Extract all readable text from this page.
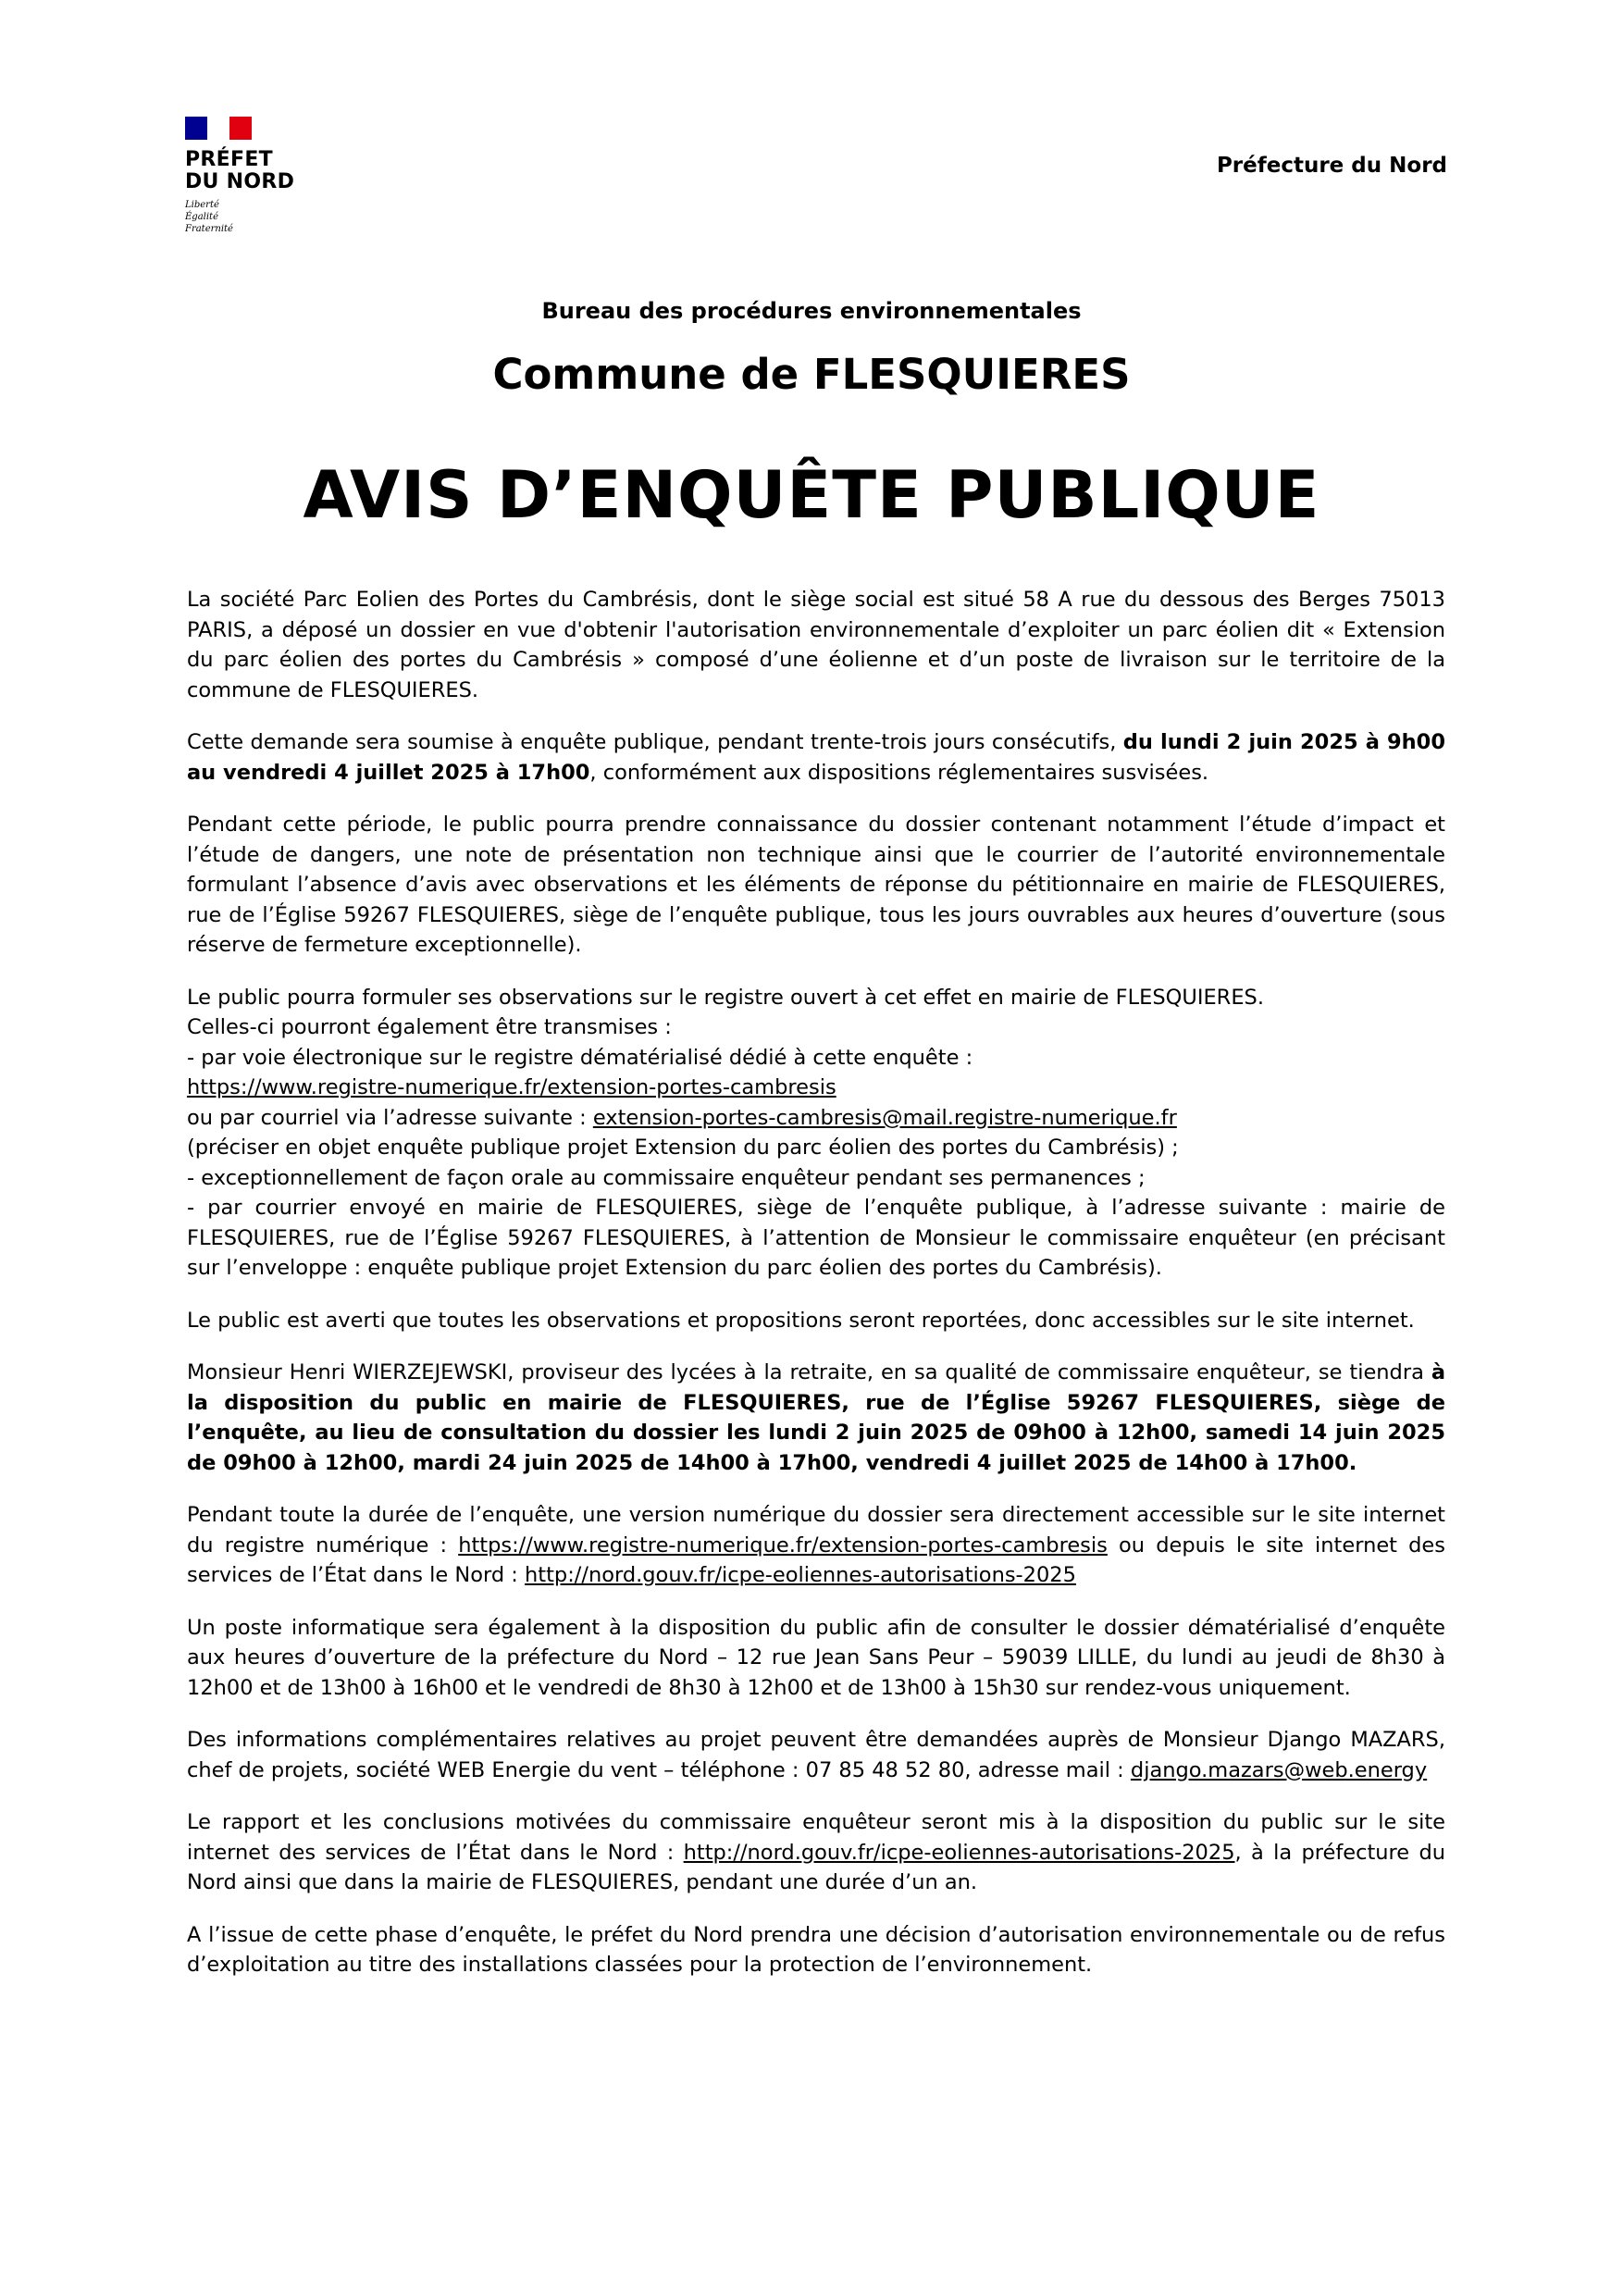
PRÉFET
DU NORD
Liberté
Égalité
Fraternité
Préfecture du Nord
Bureau des procédures environnementales
Commune de FLESQUIERES
AVIS D’ENQUÊTE PUBLIQUE

La société Parc Eolien des Portes du Cambrésis, dont le siège social est situé 58 A rue du dessous des Berges 75013 PARIS, a déposé un dossier en vue d'obtenir l'autorisation environnementale d’exploiter un parc éolien dit « Extension du parc éolien des portes du Cambrésis » composé d’une éolienne et d’un poste de livraison sur le territoire de la commune de FLESQUIERES.

Cette demande sera soumise à enquête publique, pendant trente-trois jours consécutifs, du lundi 2 juin 2025 à 9h00 au vendredi 4 juillet 2025 à 17h00, conformément aux dispositions réglementaires susvisées.

Pendant cette période, le public pourra prendre connaissance du dossier contenant notamment l’étude d’impact et l’étude de dangers, une note de présentation non technique ainsi que le courrier de l’autorité environnementale formulant l’absence d’avis avec observations et les éléments de réponse du pétitionnaire en mairie de FLESQUIERES, rue de l’Église 59267 FLESQUIERES, siège de l’enquête publique, tous les jours ouvrables aux heures d’ouverture (sous réserve de fermeture exceptionnelle).

Le public pourra formuler ses observations sur le registre ouvert à cet effet en mairie de FLESQUIERES.
Celles-ci pourront également être transmises :
- par voie électronique sur le registre dématérialisé dédié à cette enquête :
https://www.registre-numerique.fr/extension-portes-cambresis
ou par courriel via l’adresse suivante : extension-portes-cambresis@mail.registre-numerique.fr
(préciser en objet enquête publique projet Extension du parc éolien des portes du Cambrésis) ;
- exceptionnellement de façon orale au commissaire enquêteur pendant ses permanences ;
- par courrier envoyé en mairie de FLESQUIERES, siège de l’enquête publique, à l’adresse suivante : mairie de FLESQUIERES, rue de l’Église 59267 FLESQUIERES, à l’attention de Monsieur le commissaire enquêteur (en précisant sur l’enveloppe : enquête publique projet Extension du parc éolien des portes du Cambrésis).

Le public est averti que toutes les observations et propositions seront reportées, donc accessibles sur le site internet.

Monsieur Henri WIERZEJEWSKI, proviseur des lycées à la retraite, en sa qualité de commissaire enquêteur, se tiendra à la disposition du public en mairie de FLESQUIERES, rue de l’Église 59267 FLESQUIERES, siège de l’enquête, au lieu de consultation du dossier les lundi 2 juin 2025 de 09h00 à 12h00, samedi 14 juin 2025 de 09h00 à 12h00, mardi 24 juin 2025 de 14h00 à 17h00, vendredi 4 juillet 2025 de 14h00 à 17h00.

Pendant toute la durée de l’enquête, une version numérique du dossier sera directement accessible sur le site internet du registre numérique : https://www.registre-numerique.fr/extension-portes-cambresis ou depuis le site internet des services de l’État dans le Nord : http://nord.gouv.fr/icpe-eoliennes-autorisations-2025

Un poste informatique sera également à la disposition du public afin de consulter le dossier dématérialisé d’enquête aux heures d’ouverture de la préfecture du Nord – 12 rue Jean Sans Peur – 59039 LILLE, du lundi au jeudi de 8h30 à 12h00 et de 13h00 à 16h00 et le vendredi de 8h30 à 12h00 et de 13h00 à 15h30 sur rendez-vous uniquement.

Des informations complémentaires relatives au projet peuvent être demandées auprès de Monsieur Django MAZARS, chef de projets, société WEB Energie du vent – téléphone : 07 85 48 52 80, adresse mail : django.mazars@web.energy

Le rapport et les conclusions motivées du commissaire enquêteur seront mis à la disposition du public sur le site internet des services de l’État dans le Nord : http://nord.gouv.fr/icpe-eoliennes-autorisations-2025, à la préfecture du Nord ainsi que dans la mairie de FLESQUIERES, pendant une durée d’un an.

A l’issue de cette phase d’enquête, le préfet du Nord prendra une décision d’autorisation environnementale ou de refus d’exploitation au titre des installations classées pour la protection de l’environnement.
